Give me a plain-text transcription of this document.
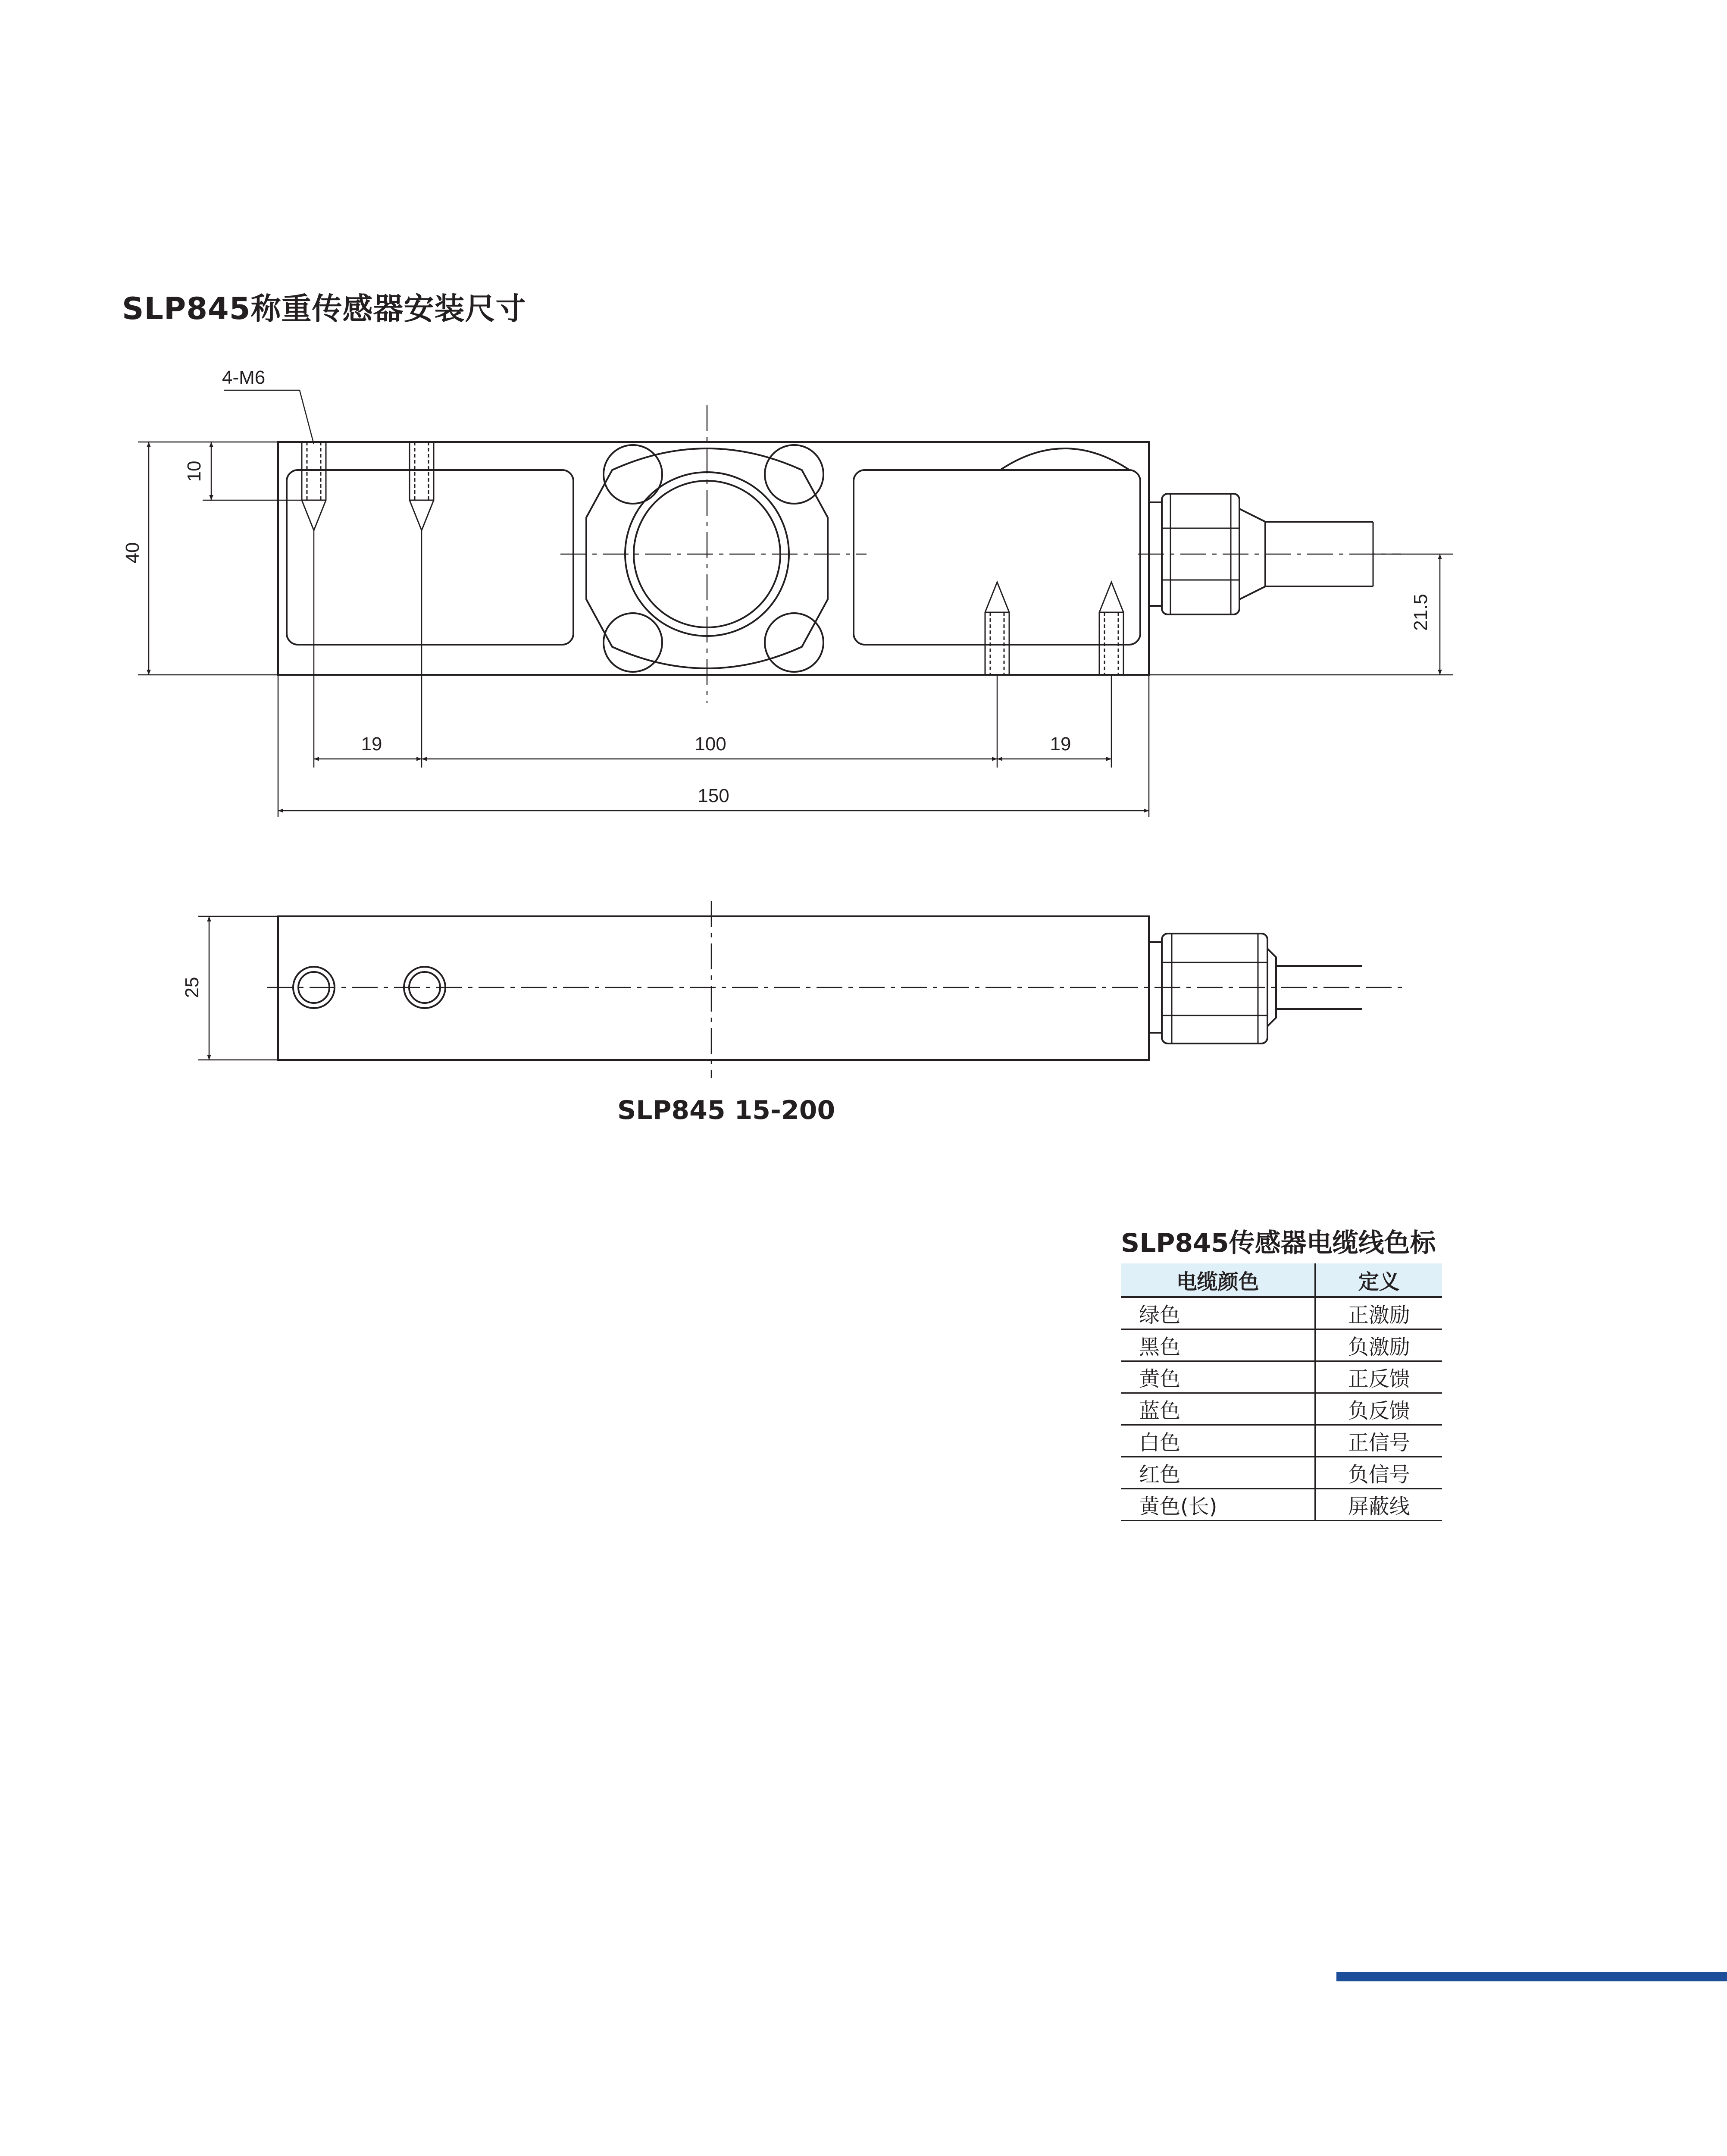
SLP845称重传感器安装尺寸
4-M6
40
10
21.5
19	100	19
150
25
SLP845 15-200
SLP845传感器电缆线色标
电缆颜色	定义
绿色	正激励
黑色	负激励
黄色	正反馈
蓝色	负反馈
白色	正信号
红色	负信号
黄色(长)	屏蔽线
